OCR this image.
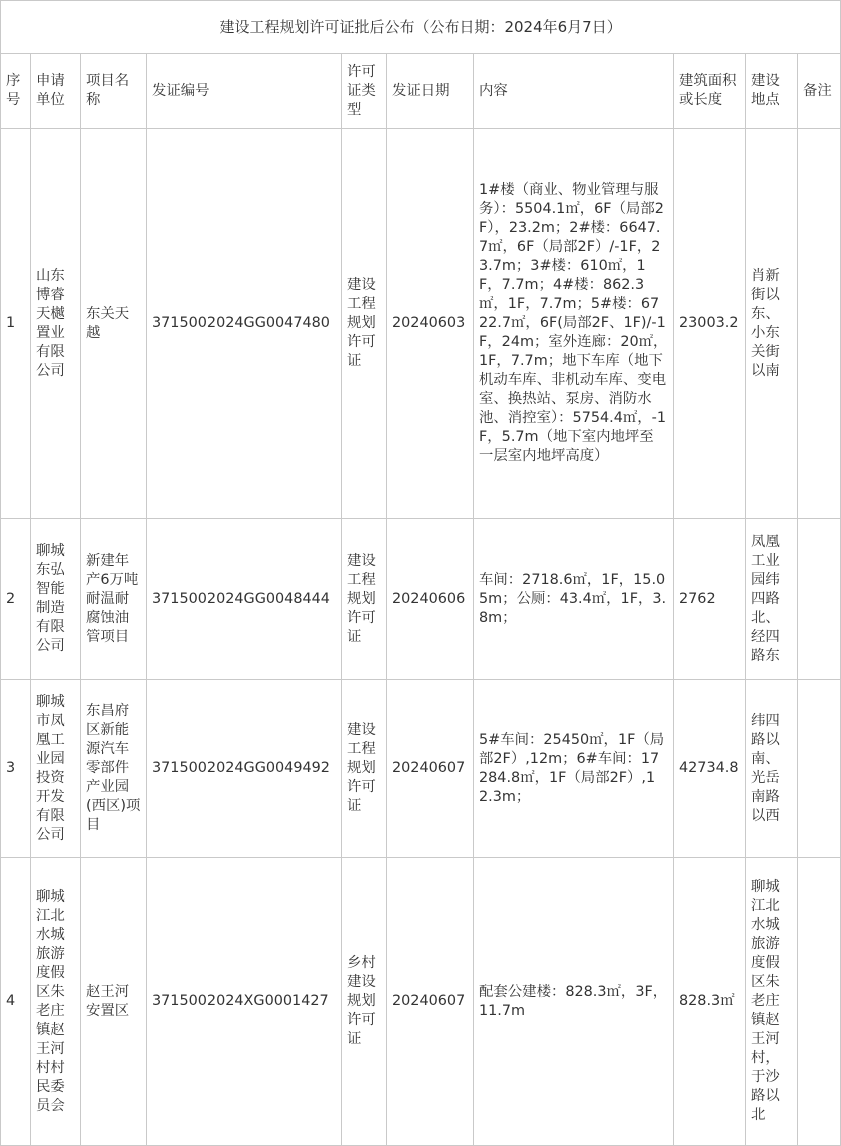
建设工程规划许可证批后公布（公布日期：2024年6月7日）									
序号	申请单位	项目名称	发证编号	许可证类型	发证日期	内容	建筑面积或长度	建设地点	备注
1	山东博睿天樾置业有限公司	东关天越	3715002024GG0047480	建设工程规划许可证	20240603	1#楼（商业、物业管理与服务）：5504.1㎡，6F（局部2F），23.2m；2#楼：6647.7㎡，6F（局部2F）/-1F，23.7m；3#楼：610㎡，1F，7.7m；4#楼：862.3㎡，1F，7.7m；5#楼：6722.7㎡，6F(局部2F、1F)/-1F，24m；室外连廊：20㎡，1F，7.7m；地下车库（地下机动车库、非机动车库、变电室、换热站、泵房、消防水池、消控室）：5754.4㎡，-1F，5.7m（地下室内地坪至一层室内地坪高度）	23003.2	肖新街以东、小东关街以南	
2	聊城东弘智能制造有限公司	新建年产6万吨耐温耐腐蚀油管项目	3715002024GG0048444	建设工程规划许可证	20240606	车间：2718.6㎡，1F，15.05m；公厕：43.4㎡，1F，3.8m；	2762	凤凰工业园纬四路北、经四路东	
3	聊城市凤凰工业园投资开发有限公司	东昌府区新能源汽车零部件产业园(西区)项目	3715002024GG0049492	建设工程规划许可证	20240607	5#车间：25450㎡，1F（局部2F）,12m；6#车间：17284.8㎡，1F（局部2F）,12.3m；	42734.8	纬四路以南、光岳南路以西	
4	聊城江北水城旅游度假区朱老庄镇赵王河村村民委员会	赵王河安置区	3715002024XG0001427	乡村建设规划许可证	20240607	配套公建楼：828.3㎡，3F，11.7m	828.3㎡	聊城江北水城旅游度假区朱老庄镇赵王河村，于沙路以北	
